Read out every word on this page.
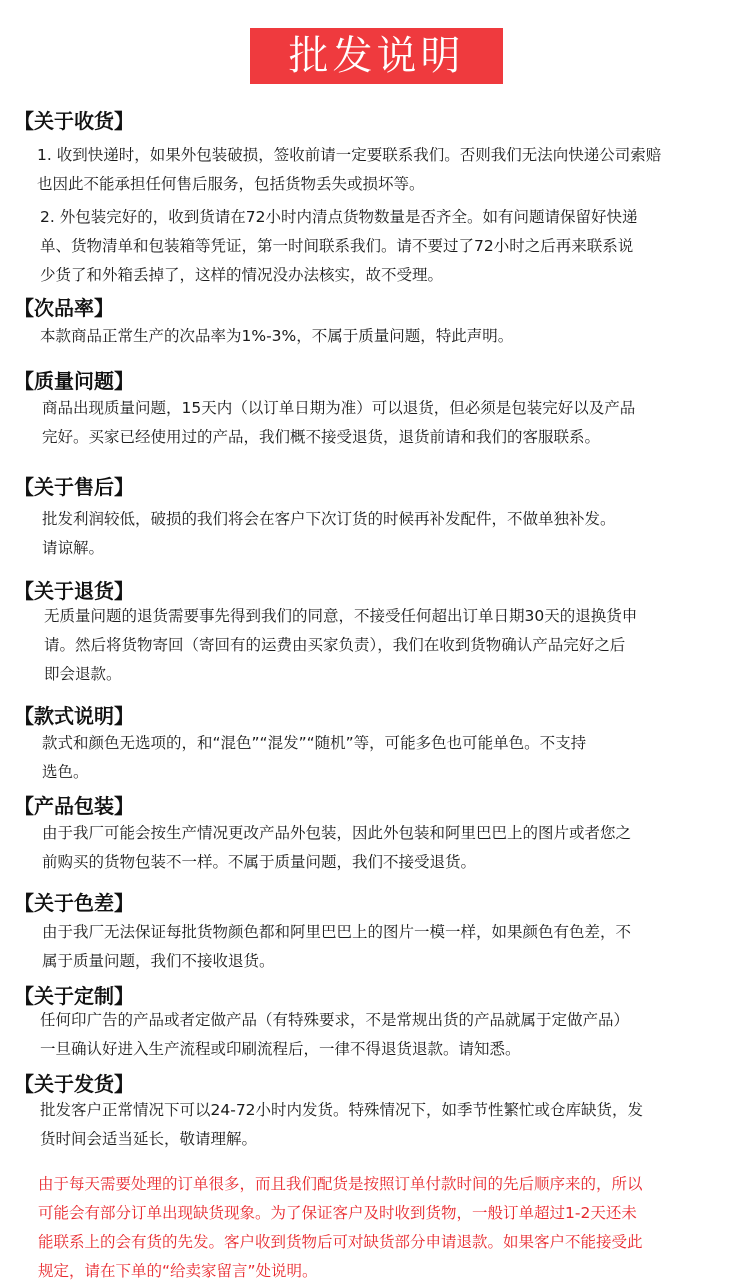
批发说明
【关于收货】
1. 收到快递时，如果外包装破损，签收前请一定要联系我们。否则我们无法向快递公司索赔
也因此不能承担任何售后服务，包括货物丢失或损坏等。
2. 外包装完好的，收到货请在72小时内清点货物数量是否齐全。如有问题请保留好快递
单、货物清单和包装箱等凭证，第一时间联系我们。请不要过了72小时之后再来联系说
少货了和外箱丢掉了，这样的情况没办法核实，故不受理。
【次品率】
本款商品正常生产的次品率为1%-3%，不属于质量问题，特此声明。
【质量问题】
商品出现质量问题，15天内（以订单日期为准）可以退货，但必须是包装完好以及产品
完好。买家已经使用过的产品，我们概不接受退货，退货前请和我们的客服联系。
【关于售后】
批发利润较低，破损的我们将会在客户下次订货的时候再补发配件，不做单独补发。
请谅解。
【关于退货】
无质量问题的退货需要事先得到我们的同意，不接受任何超出订单日期30天的退换货申
请。然后将货物寄回（寄回有的运费由买家负责），我们在收到货物确认产品完好之后
即会退款。
【款式说明】
款式和颜色无选项的，和“混色”“混发”“随机”等，可能多色也可能单色。不支持
选色。
【产品包装】
由于我厂可能会按生产情况更改产品外包装，因此外包装和阿里巴巴上的图片或者您之
前购买的货物包装不一样。不属于质量问题，我们不接受退货。
【关于色差】
由于我厂无法保证每批货物颜色都和阿里巴巴上的图片一模一样，如果颜色有色差，不
属于质量问题，我们不接收退货。
【关于定制】
任何印广告的产品或者定做产品（有特殊要求，不是常规出货的产品就属于定做产品）
一旦确认好进入生产流程或印刷流程后，一律不得退货退款。请知悉。
【关于发货】
批发客户正常情况下可以24-72小时内发货。特殊情况下，如季节性繁忙或仓库缺货，发
货时间会适当延长，敬请理解。
由于每天需要处理的订单很多，而且我们配货是按照订单付款时间的先后顺序来的，所以
可能会有部分订单出现缺货现象。为了保证客户及时收到货物，一般订单超过1-2天还未
能联系上的会有货的先发。客户收到货物后可对缺货部分申请退款。如果客户不能接受此
规定，请在下单的“给卖家留言”处说明。
